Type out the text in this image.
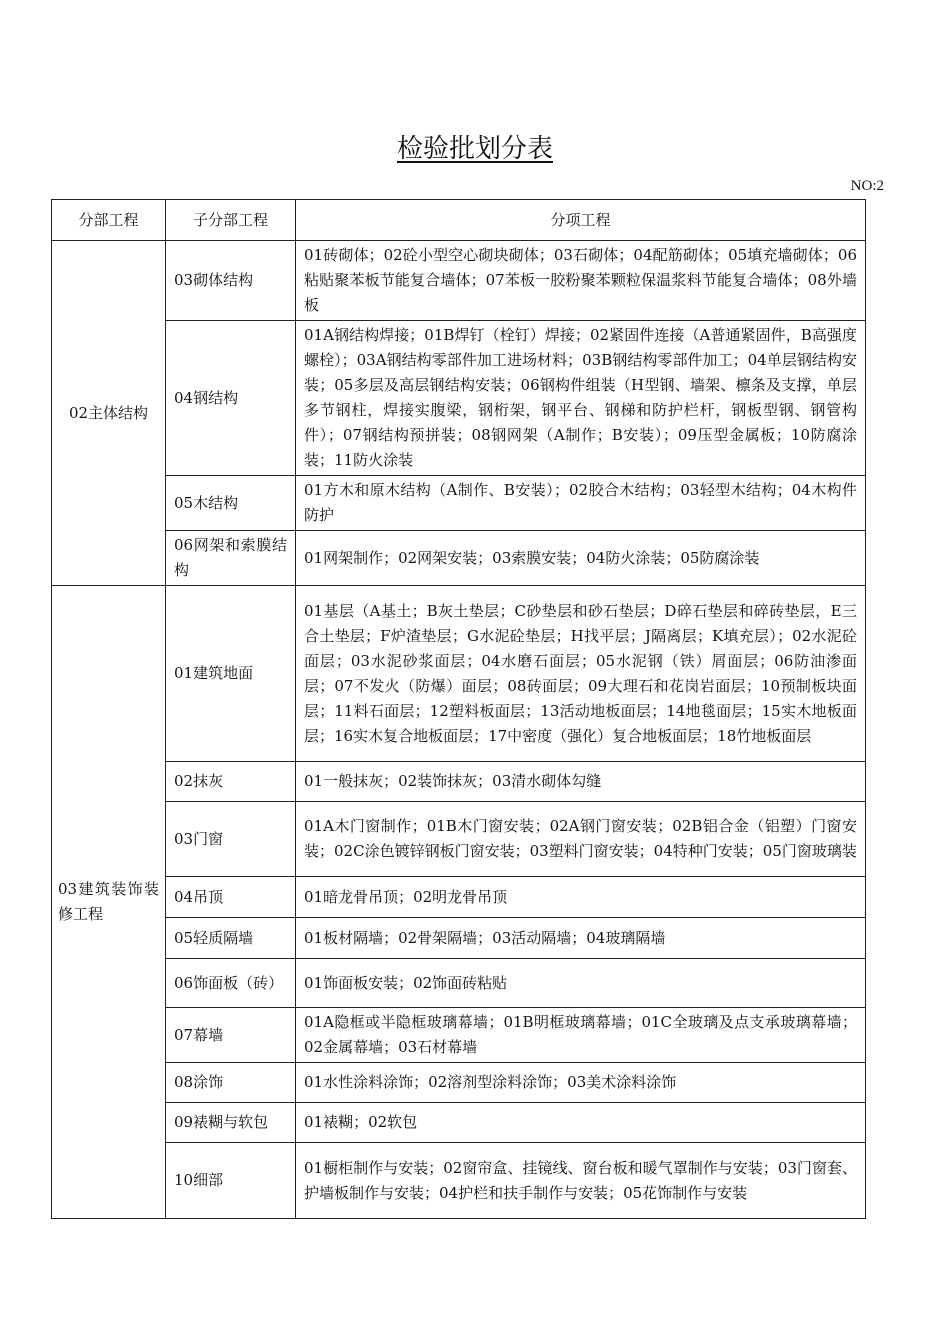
检验批划分表
NO:2
分部工程	子分部工程	分项工程
02主体结构	03砌体结构	01砖砌体；02砼小型空心砌块砌体；03石砌体；04配筋砌体；05填充墙砌体；06粘贴聚苯板节能复合墙体；07苯板一胶粉聚苯颗粒保温浆料节能复合墙体；08外墙板
	04钢结构	01A钢结构焊接；01B焊钉（栓钉）焊接；02紧固件连接（A普通紧固件，B高强度螺栓）；03A钢结构零部件加工进场材料；03B钢结构零部件加工；04单层钢结构安装；05多层及高层钢结构安装；06钢构件组装（H型钢、墙架、檩条及支撑，单层多节钢柱，焊接实腹梁，钢桁架，钢平台、钢梯和防护栏杆，钢板型钢、钢管构件）；07钢结构预拼装；08钢网架（A制作；B安装）；09压型金属板；10防腐涂装；11防火涂装
	05木结构	01方木和原木结构（A制作、B安装）；02胶合木结构；03轻型木结构；04木构件防护
	06网架和索膜结构	01网架制作；02网架安装；03索膜安装；04防火涂装；05防腐涂装
03建筑装饰装修工程	01建筑地面	01基层（A基土；B灰土垫层；C砂垫层和砂石垫层；D碎石垫层和碎砖垫层，E三合土垫层；F炉渣垫层；G水泥砼垫层；H找平层；J隔离层；K填充层）；02水泥砼面层；03水泥砂浆面层；04水磨石面层；05水泥钢（铁）屑面层；06防油渗面层；07不发火（防爆）面层；08砖面层；09大理石和花岗岩面层；10预制板块面层；11料石面层；12塑料板面层；13活动地板面层；14地毯面层；15实木地板面层；16实木复合地板面层；17中密度（强化）复合地板面层；18竹地板面层
	02抹灰	01一般抹灰；02装饰抹灰；03清水砌体勾缝
	03门窗	01A木门窗制作；01B木门窗安装；02A钢门窗安装；02B铝合金（铝塑）门窗安装；02C涂色镀锌钢板门窗安装；03塑料门窗安装；04特种门安装；05门窗玻璃装
	04吊顶	01暗龙骨吊顶；02明龙骨吊顶
	05轻质隔墙	01板材隔墙；02骨架隔墙；03活动隔墙；04玻璃隔墙
	06饰面板（砖）	01饰面板安装；02饰面砖粘贴
	07幕墙	01A隐框或半隐框玻璃幕墙；01B明框玻璃幕墙；01C全玻璃及点支承玻璃幕墙；02金属幕墙；03石材幕墙
	08涂饰	01水性涂料涂饰；02溶剂型涂料涂饰；03美术涂料涂饰
	09裱糊与软包	01裱糊；02软包
	10细部	01橱柜制作与安装；02窗帘盒、挂镜线、窗台板和暖气罩制作与安装；03门窗套、护墙板制作与安装；04护栏和扶手制作与安装；05花饰制作与安装
